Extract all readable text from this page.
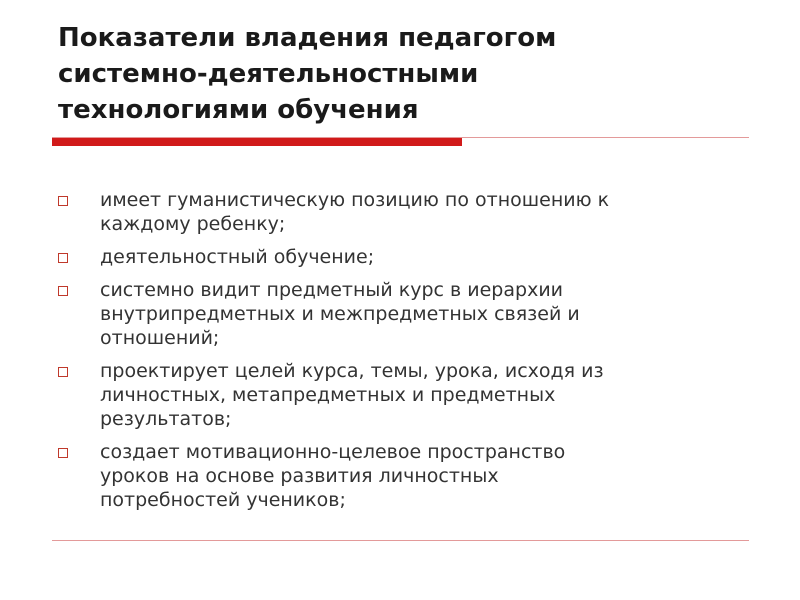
Показатели владения педагогом
системно-деятельностными
технологиями обучения
имеет гуманистическую позицию по отношению к
каждому ребенку;
деятельностный обучение;
системно видит предметный курс в иерархии
внутрипредметных и межпредметных связей и
отношений;
проектирует целей курса, темы, урока, исходя из
личностных, метапредметных и предметных
результатов;
создает мотивационно-целевое пространство
уроков на основе развития личностных
потребностей учеников;
